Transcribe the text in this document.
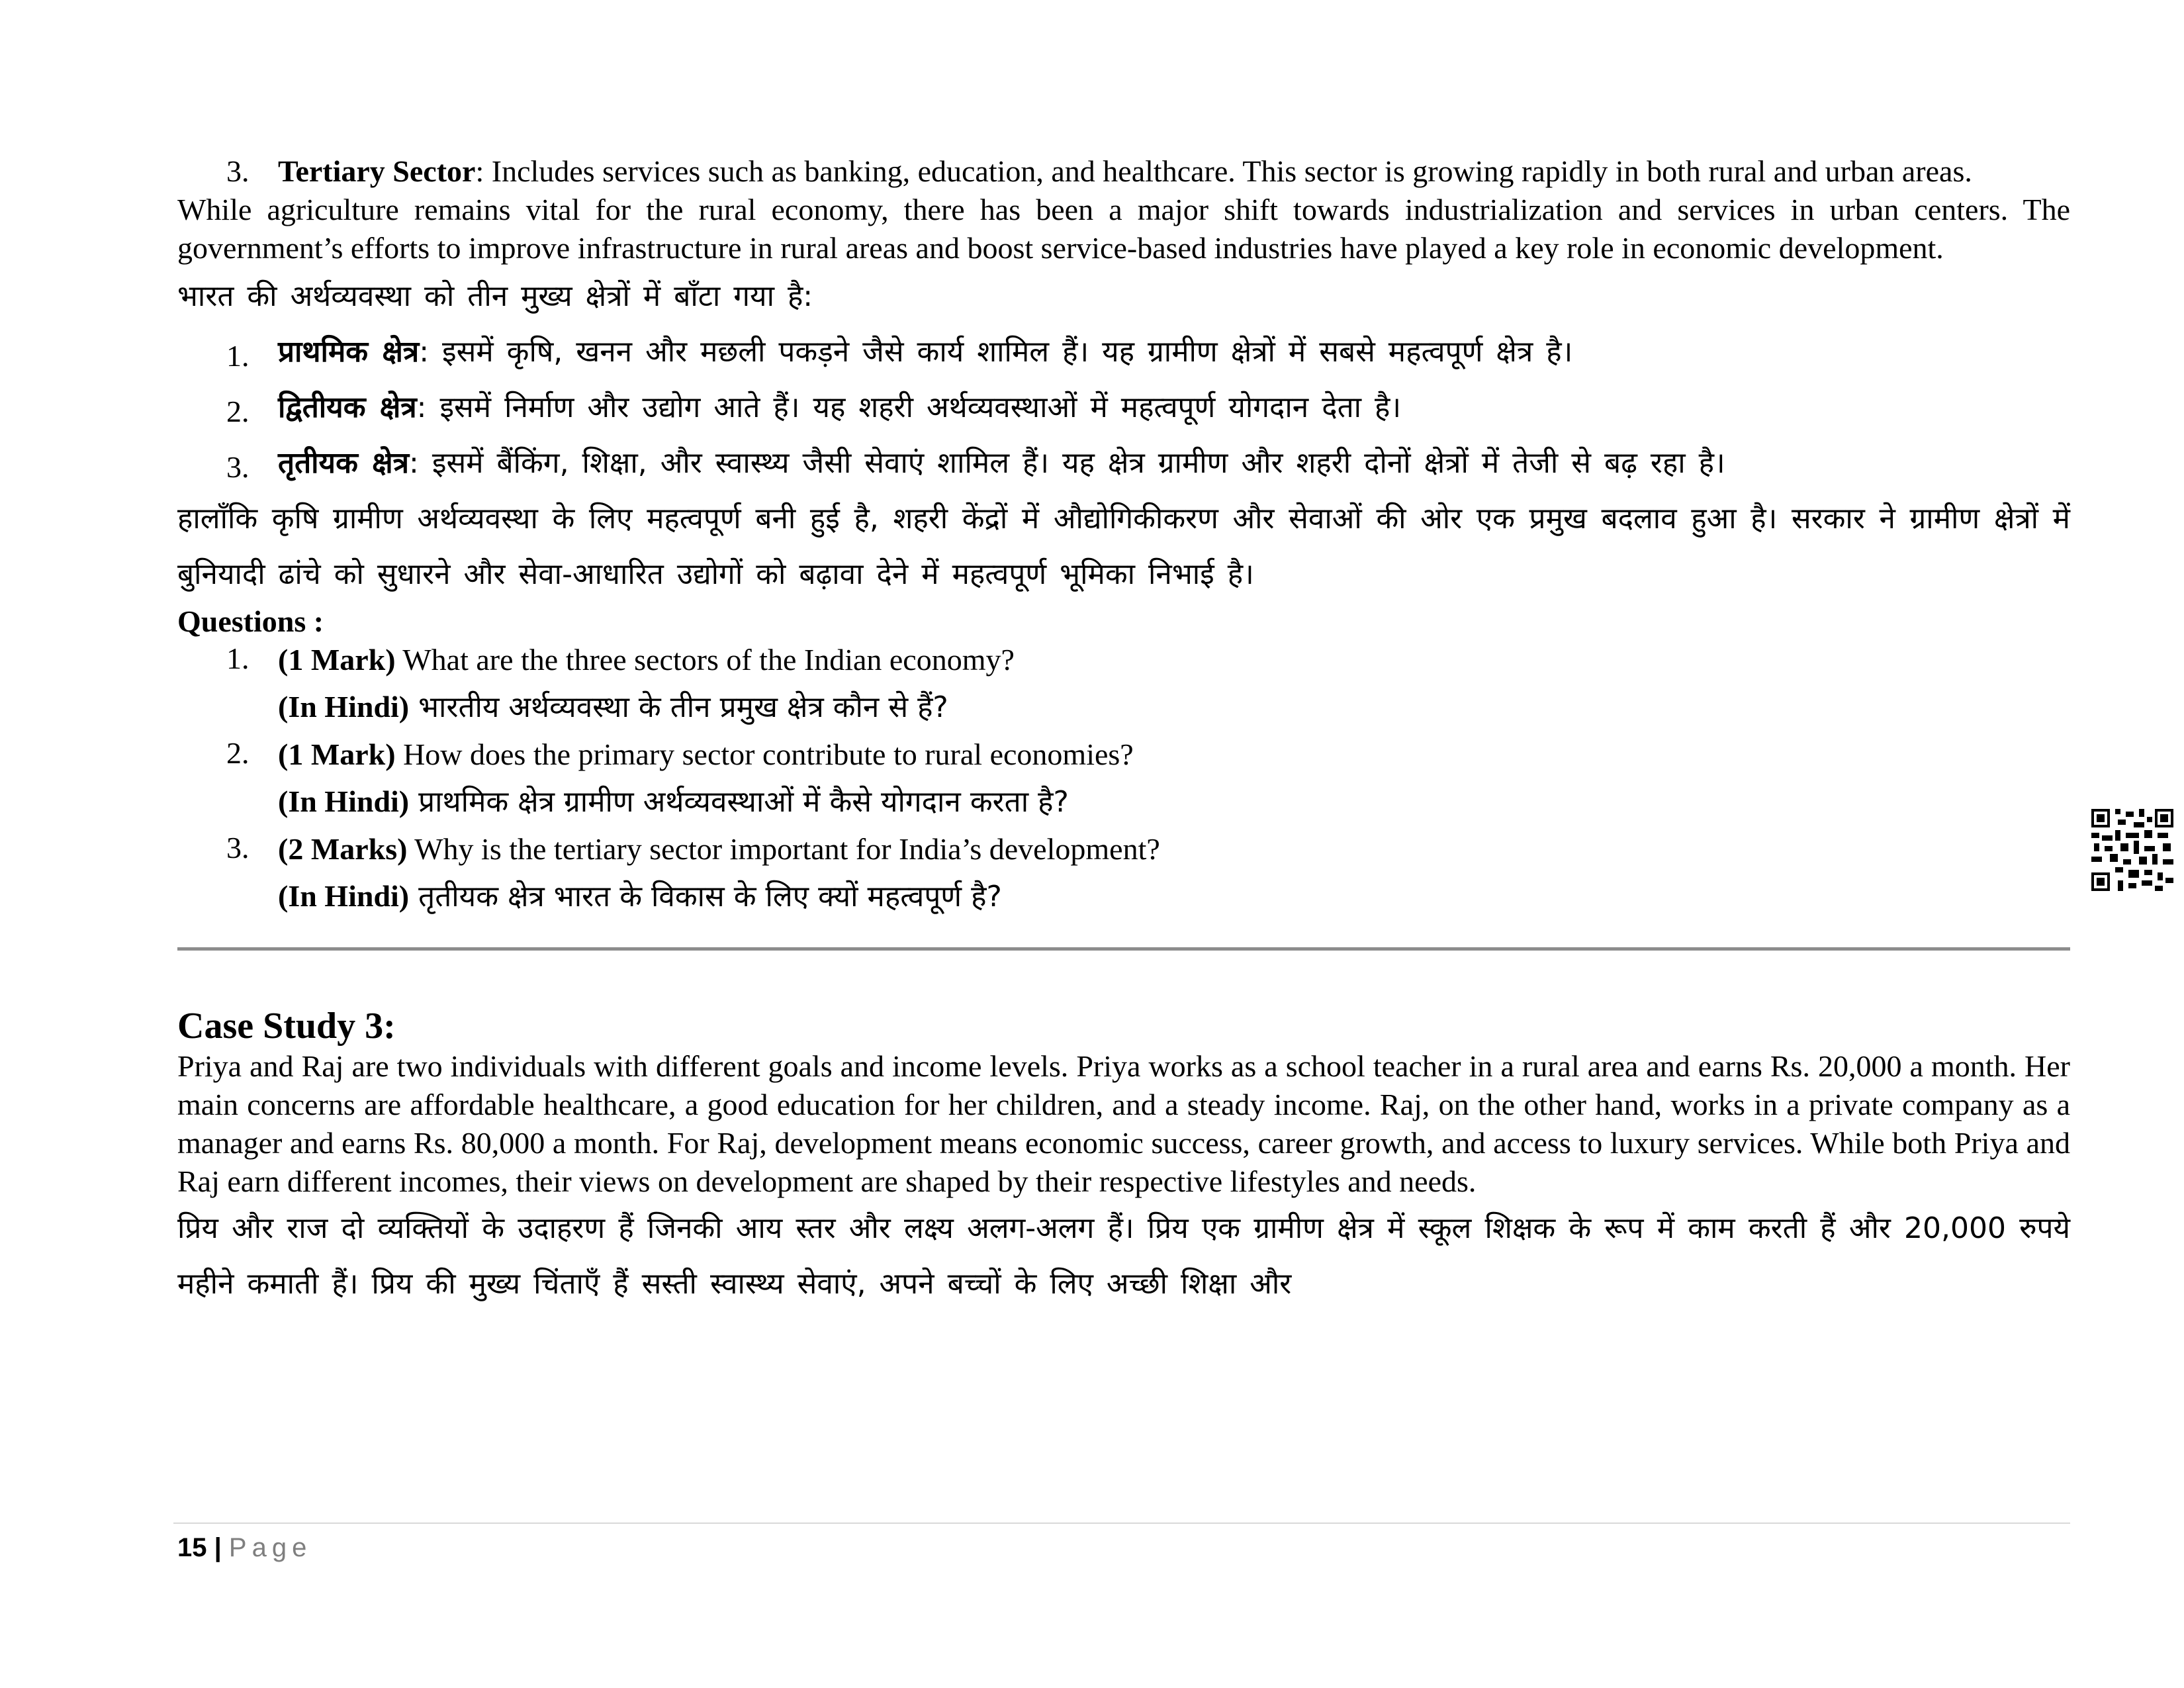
3. Tertiary Sector: Includes services such as banking, education, and healthcare. This sector is growing rapidly in both rural and urban areas.

While agriculture remains vital for the rural economy, there has been a major shift towards industrialization and services in urban centers. The government’s efforts to improve infrastructure in rural areas and boost service-based industries have played a key role in economic development.

भारत की अर्थव्यवस्था को तीन मुख्य क्षेत्रों में बाँटा गया है:

1. प्राथमिक क्षेत्र: इसमें कृषि, खनन और मछली पकड़ने जैसे कार्य शामिल हैं। यह ग्रामीण क्षेत्रों में सबसे महत्वपूर्ण क्षेत्र है।
2. द्वितीयक क्षेत्र: इसमें निर्माण और उद्योग आते हैं। यह शहरी अर्थव्यवस्थाओं में महत्वपूर्ण योगदान देता है।
3. तृतीयक क्षेत्र: इसमें बैंकिंग, शिक्षा, और स्वास्थ्य जैसी सेवाएं शामिल हैं। यह क्षेत्र ग्रामीण और शहरी दोनों क्षेत्रों में तेजी से बढ़ रहा है।

हालाँकि कृषि ग्रामीण अर्थव्यवस्था के लिए महत्वपूर्ण बनी हुई है, शहरी केंद्रों में औद्योगिकीकरण और सेवाओं की ओर एक प्रमुख बदलाव हुआ है। सरकार ने ग्रामीण क्षेत्रों में बुनियादी ढांचे को सुधारने और सेवा-आधारित उद्योगों को बढ़ावा देने में महत्वपूर्ण भूमिका निभाई है।

Questions :

1. (1 Mark) What are the three sectors of the Indian economy?
(In Hindi) भारतीय अर्थव्यवस्था के तीन प्रमुख क्षेत्र कौन से हैं?
2. (1 Mark) How does the primary sector contribute to rural economies?
(In Hindi) प्राथमिक क्षेत्र ग्रामीण अर्थव्यवस्थाओं में कैसे योगदान करता है?
3. (2 Marks) Why is the tertiary sector important for India’s development?
(In Hindi) तृतीयक क्षेत्र भारत के विकास के लिए क्यों महत्वपूर्ण है?
Case Study 3:

Priya and Raj are two individuals with different goals and income levels. Priya works as a school teacher in a rural area and earns Rs. 20,000 a month. Her main concerns are affordable healthcare, a good education for her children, and a steady income. Raj, on the other hand, works in a private company as a manager and earns Rs. 80,000 a month. For Raj, development means economic success, career growth, and access to luxury services. While both Priya and Raj earn different incomes, their views on development are shaped by their respective lifestyles and needs.

प्रिय और राज दो व्यक्तियों के उदाहरण हैं जिनकी आय स्तर और लक्ष्य अलग-अलग हैं। प्रिय एक ग्रामीण क्षेत्र में स्कूल शिक्षक के रूप में काम करती हैं और 20,000 रुपये महीने कमाती हैं। प्रिय की मुख्य चिंताएँ हैं सस्ती स्वास्थ्य सेवाएं, अपने बच्चों के लिए अच्छी शिक्षा और

15 | Page
